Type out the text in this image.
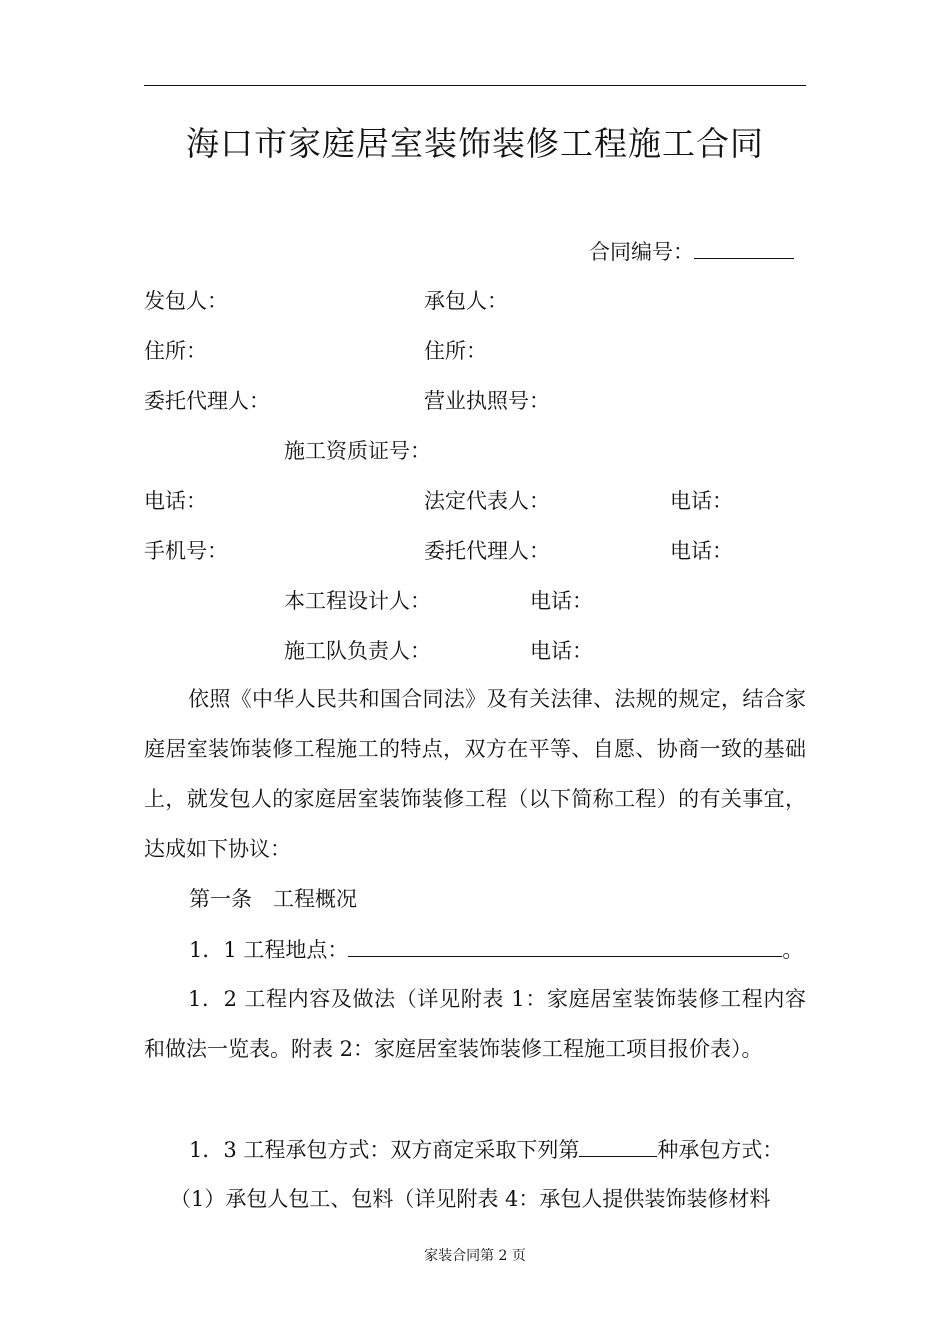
海口市家庭居室装饰装修工程施工合同
合同编号：
发包人：	承包人：
住所：	住所：
委托代理人：	营业执照号：
施工资质证号：
电话：	法定代表人：	电话：
手机号：	委托代理人：	电话：
本工程设计人：	电话：
施工队负责人：	电话：
依照《中华人民共和国合同法》及有关法律、法规的规定，结合家庭居室装饰装修工程施工的特点，双方在平等、自愿、协商一致的基础上，就发包人的家庭居室装饰装修工程（以下简称工程）的有关事宜，达成如下协议：
第一条　工程概况
1．1 工程地点：	。
1．2 工程内容及做法（详见附表 1：家庭居室装饰装修工程内容和做法一览表。附表 2：家庭居室装饰装修工程施工项目报价表）。
1．3 工程承包方式：双方商定采取下列第	种承包方式：
（1）承包人包工、包料（详见附表 4：承包人提供装饰装修材料
家装合同第 2 页
